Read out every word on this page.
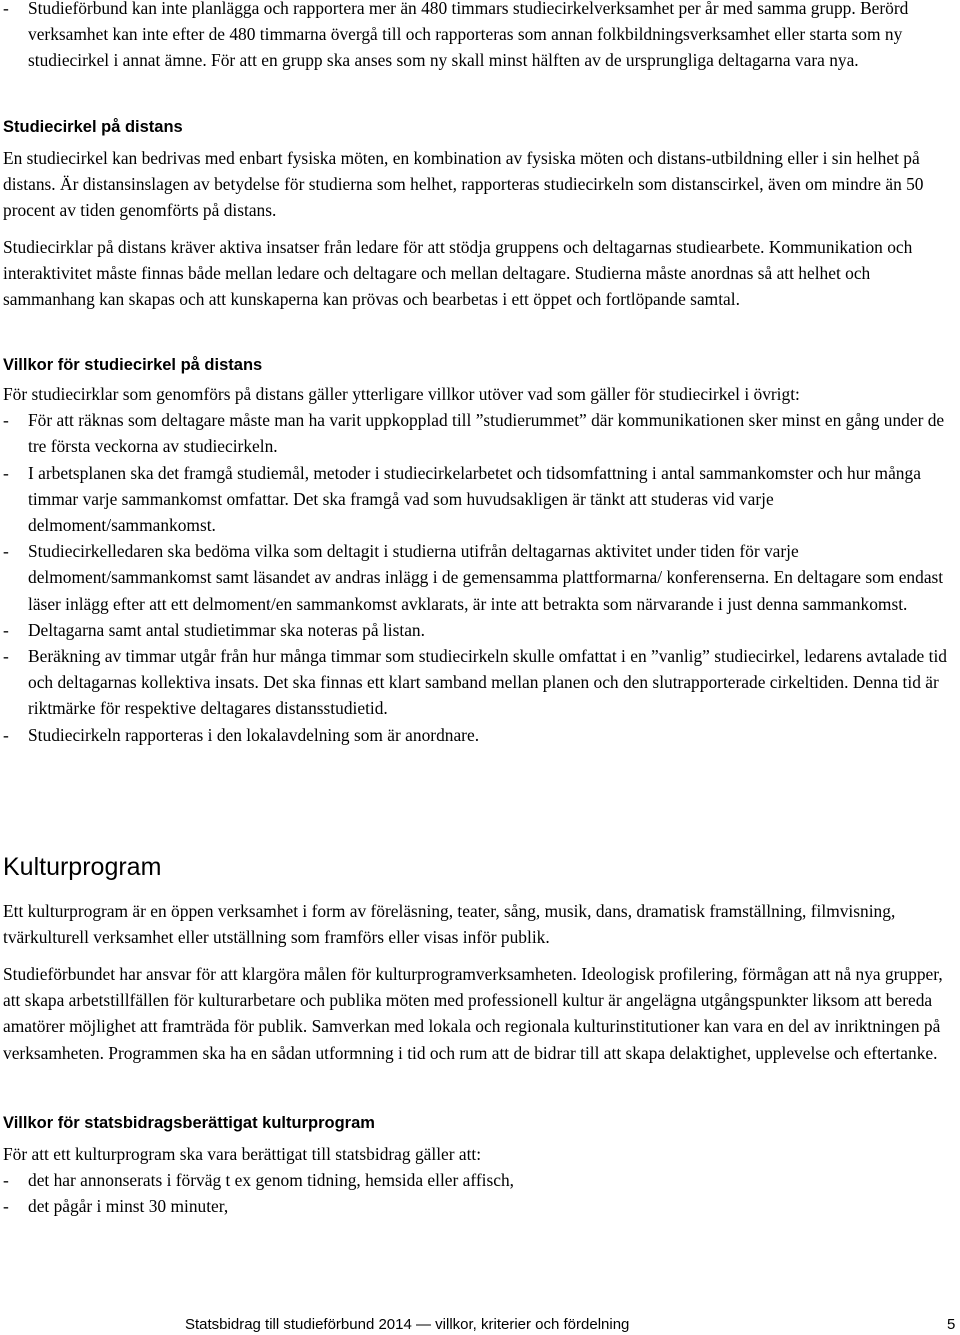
- Studieförbund kan inte planlägga och rapportera mer än 480 timmars studiecirkelverksamhet per år med samma grupp. Berörd verksamhet kan inte efter de 480 timmarna övergå till och rapporteras som annan folkbildningsverksamhet eller starta som ny studiecirkel i annat ämne. För att en grupp ska anses som ny skall minst hälften av de ursprungliga deltagarna vara nya.

Studiecirkel på distans

En studiecirkel kan bedrivas med enbart fysiska möten, en kombination av fysiska möten och distans-utbildning eller i sin helhet på distans. Är distansinslagen av betydelse för studierna som helhet, rapporteras studiecirkeln som distanscirkel, även om mindre än 50 procent av tiden genomförts på distans.

Studiecirklar på distans kräver aktiva insatser från ledare för att stödja gruppens och deltagarnas studiearbete. Kommunikation och interaktivitet måste finnas både mellan ledare och deltagare och mellan deltagare. Studierna måste anordnas så att helhet och sammanhang kan skapas och att kunskaperna kan prövas och bearbetas i ett öppet och fortlöpande samtal.

Villkor för studiecirkel på distans

För studiecirklar som genomförs på distans gäller ytterligare villkor utöver vad som gäller för studiecirkel i övrigt:

- För att räknas som deltagare måste man ha varit uppkopplad till ”studierummet” där kommunikationen sker minst en gång under de tre första veckorna av studiecirkeln.

- I arbetsplanen ska det framgå studiemål, metoder i studiecirkelarbetet och tidsomfattning i antal sammankomster och hur många timmar varje sammankomst omfattar. Det ska framgå vad som huvudsakligen är tänkt att studeras vid varje delmoment/sammankomst.

- Studiecirkelledaren ska bedöma vilka som deltagit i studierna utifrån deltagarnas aktivitet under tiden för varje delmoment/sammankomst samt läsandet av andras inlägg i de gemensamma plattformarna/ konferenserna. En deltagare som endast läser inlägg efter att ett delmoment/en sammankomst avklarats, är inte att betrakta som närvarande i just denna sammankomst.

- Deltagarna samt antal studietimmar ska noteras på listan.

- Beräkning av timmar utgår från hur många timmar som studiecirkeln skulle omfattat i en ”vanlig” studiecirkel, ledarens avtalade tid och deltagarnas kollektiva insats. Det ska finnas ett klart samband mellan planen och den slutrapporterade cirkeltiden. Denna tid är riktmärke för respektive deltagares distansstudietid.

- Studiecirkeln rapporteras i den lokalavdelning som är anordnare.

Kulturprogram

Ett kulturprogram är en öppen verksamhet i form av föreläsning, teater, sång, musik, dans, dramatisk framställning, filmvisning, tvärkulturell verksamhet eller utställning som framförs eller visas inför publik.

Studieförbundet har ansvar för att klargöra målen för kulturprogramverksamheten. Ideologisk profilering, förmågan att nå nya grupper, att skapa arbetstillfällen för kulturarbetare och publika möten med professionell kultur är angelägna utgångspunkter liksom att bereda amatörer möjlighet att framträda för publik. Samverkan med lokala och regionala kulturinstitutioner kan vara en del av inriktningen på verksamheten. Programmen ska ha en sådan utformning i tid och rum att de bidrar till att skapa delaktighet, upplevelse och eftertanke.

Villkor för statsbidragsberättigat kulturprogram

För att ett kulturprogram ska vara berättigat till statsbidrag gäller att:

- det har annonserats i förväg t ex genom tidning, hemsida eller affisch,

- det pågår i minst 30 minuter,

Statsbidrag till studieförbund 2014 — villkor, kriterier och fördelning	5
